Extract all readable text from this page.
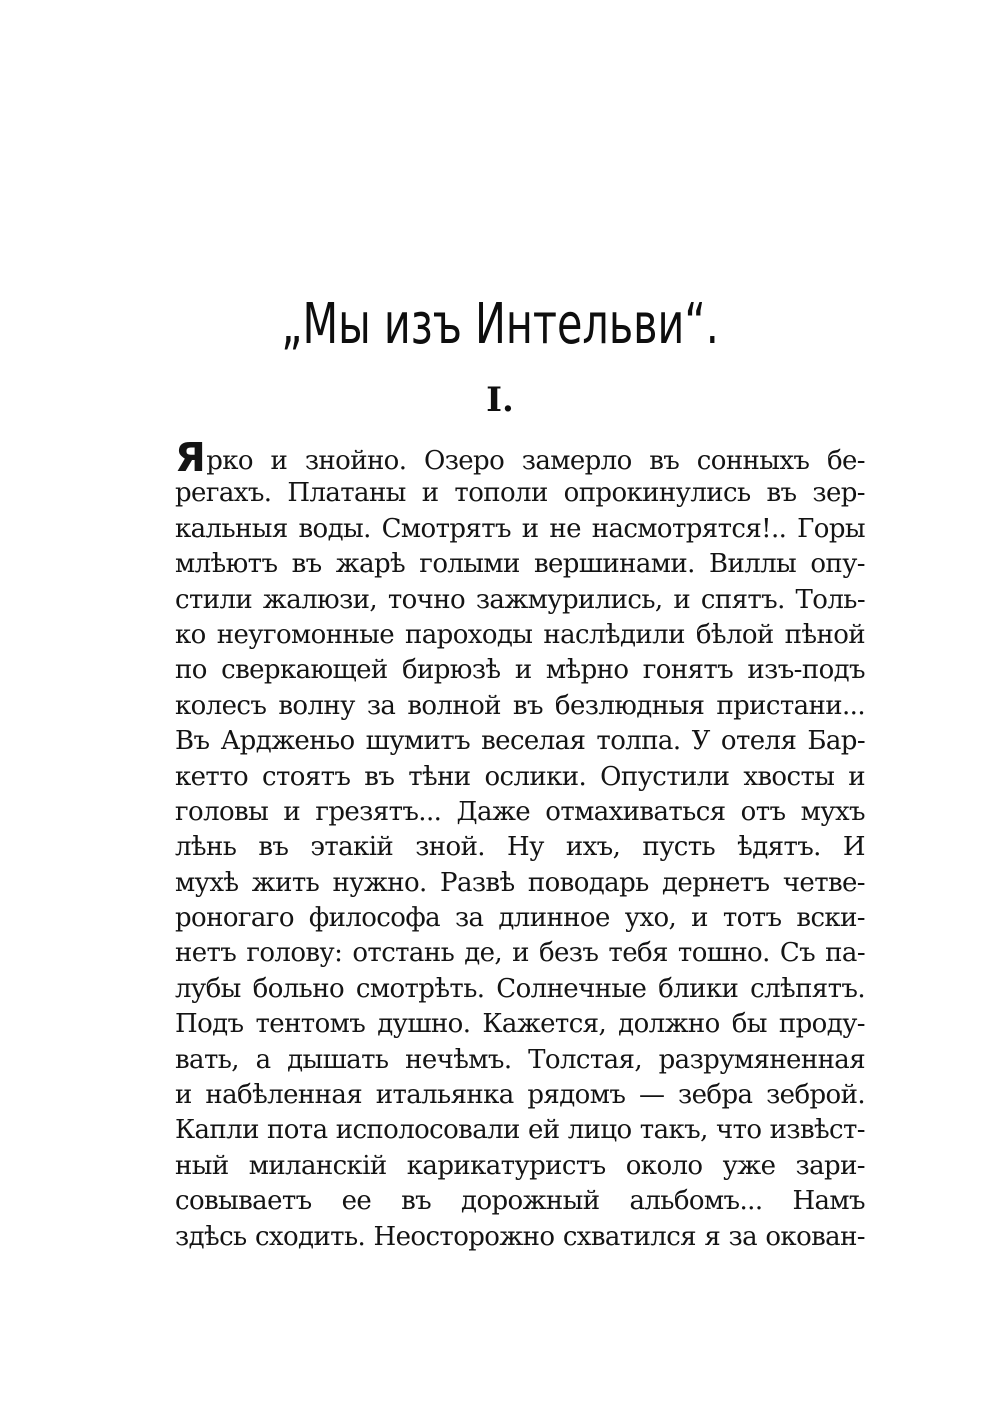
„Мы изъ Интельви“.
I.
Ярко и знойно. Озеро замерло въ сонныхъ бе-
регахъ. Платаны и тополи опрокинулись въ зер-
кальныя воды. Смотрятъ и не насмотрятся!.. Горы
млѣютъ въ жарѣ голыми вершинами. Виллы опу-
стили жалюзи, точно зажмурились, и спятъ. Толь-
ко неугомонные пароходы наслѣдили бѣлой пѣной
по сверкающей бирюзѣ и мѣрно гонятъ изъ-подъ
колесъ волну за волной въ безлюдныя пристани...
Въ Ардженьо шумитъ веселая толпа. У отеля Бар-
кетто стоятъ въ тѣни ослики. Опустили хвосты и
головы и грезятъ... Даже отмахиваться отъ мухъ
лѣнь въ этакій зной. Ну ихъ, пусть ѣдятъ. И
мухѣ жить нужно. Развѣ поводарь дернетъ четве-
роногаго философа за длинное ухо, и тотъ вски-
нетъ голову: отстань де, и безъ тебя тошно. Съ па-
лубы больно смотрѣть. Солнечные блики слѣпятъ.
Подъ тентомъ душно. Кажется, должно бы проду-
вать, а дышать нечѣмъ. Толстая, разрумяненная
и набѣленная итальянка рядомъ — зебра зеброй.
Капли пота исполосовали ей лицо такъ, что извѣст-
ный миланскій карикатуристъ около уже зари-
совываетъ ее въ дорожный альбомъ... Намъ
здѣсь сходить. Неосторожно схватился я за окован-
